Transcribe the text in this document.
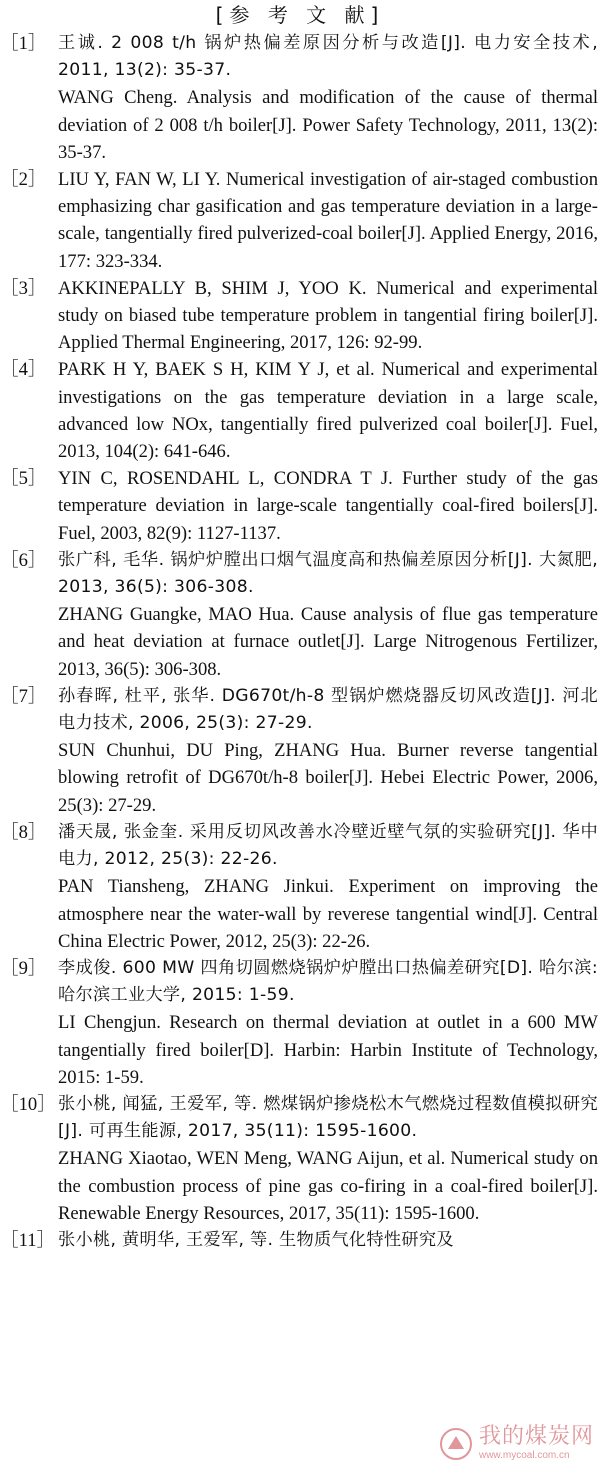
[参 考 文 献]
［1］ 王诚. 2 008 t/h 锅炉热偏差原因分析与改造[J]. 电力安全技术, 2011, 13(2): 35-37.

WANG Cheng. Analysis and modification of the cause of thermal deviation of 2 008 t/h boiler[J]. Power Safety Technology, 2011, 13(2): 35-37.

［2］ LIU Y, FAN W, LI Y. Numerical investigation of air-staged combustion emphasizing char gasification and gas temperature deviation in a large-scale, tangentially fired pulverized-coal boiler[J]. Applied Energy, 2016, 177: 323-334.

［3］ AKKINEPALLY B, SHIM J, YOO K. Numerical and experimental study on biased tube temperature problem in tangential firing boiler[J]. Applied Thermal Engineering, 2017, 126: 92-99.

［4］ PARK H Y, BAEK S H, KIM Y J, et al. Numerical and experimental investigations on the gas temperature deviation in a large scale, advanced low NOx, tangentially fired pulverized coal boiler[J]. Fuel, 2013, 104(2): 641-646.

［5］ YIN C, ROSENDAHL L, CONDRA T J. Further study of the gas temperature deviation in large-scale tangentially coal-fired boilers[J]. Fuel, 2003, 82(9): 1127-1137.

［6］ 张广科, 毛华. 锅炉炉膛出口烟气温度高和热偏差原因分析[J]. 大氮肥, 2013, 36(5): 306-308.

ZHANG Guangke, MAO Hua. Cause analysis of flue gas temperature and heat deviation at furnace outlet[J]. Large Nitrogenous Fertilizer, 2013, 36(5): 306-308.

［7］ 孙春晖, 杜平, 张华. DG670t/h-8 型锅炉燃烧器反切风改造[J]. 河北电力技术, 2006, 25(3): 27-29.

SUN Chunhui, DU Ping, ZHANG Hua. Burner reverse tangential blowing retrofit of DG670t/h-8 boiler[J]. Hebei Electric Power, 2006, 25(3): 27-29.

［8］ 潘天晟, 张金奎. 采用反切风改善水冷壁近壁气氛的实验研究[J]. 华中电力, 2012, 25(3): 22-26.

PAN Tiansheng, ZHANG Jinkui. Experiment on improving the atmosphere near the water-wall by reverese tangential wind[J]. Central China Electric Power, 2012, 25(3): 22-26.

［9］ 李成俊. 600 MW 四角切圆燃烧锅炉炉膛出口热偏差研究[D]. 哈尔滨: 哈尔滨工业大学, 2015: 1-59.

LI Chengjun. Research on thermal deviation at outlet in a 600 MW tangentially fired boiler[D]. Harbin: Harbin Institute of Technology, 2015: 1-59.

［10］ 张小桃, 闻猛, 王爱军, 等. 燃煤锅炉掺烧松木气燃烧过程数值模拟研究[J]. 可再生能源, 2017, 35(11): 1595-1600.

ZHANG Xiaotao, WEN Meng, WANG Aijun, et al. Numerical study on the combustion process of pine gas co-firing in a coal-fired boiler[J]. Renewable Energy Resources, 2017, 35(11): 1595-1600.

［11］ 张小桃, 黄明华, 王爱军, 等. 生物质气化特性研究及

我的煤炭网
www.mycoal.com.cn
